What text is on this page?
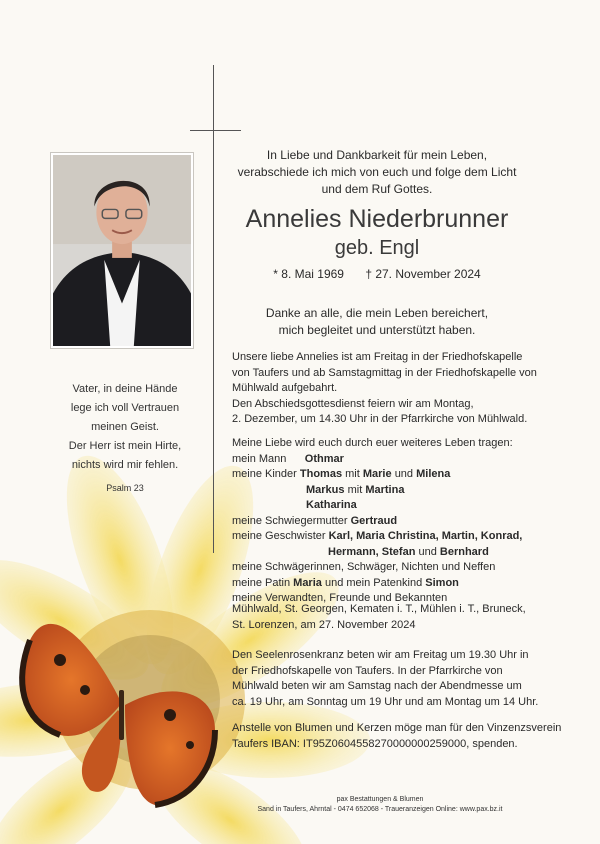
Vater, in deine Hände
lege ich voll Vertrauen
meinen Geist.
Der Herr ist mein Hirte,
nichts wird mir fehlen.
Psalm 23
In Liebe und Dankbarkeit für mein Leben,
verabschiede ich mich von euch und folge dem Licht
und dem Ruf Gottes.
Annelies Niederbrunner
geb. Engl
* 8. Mai 1969 † 27. November 2024
Danke an alle, die mein Leben bereichert,
mich begleitet und unterstützt haben.
Unsere liebe Annelies ist am Freitag in der Friedhofskapelle
von Taufers und ab Samstagmittag in der Friedhofskapelle von
Mühlwald aufgebahrt.
Den Abschiedsgottesdienst feiern wir am Montag,
2. Dezember, um 14.30 Uhr in der Pfarrkirche von Mühlwald.
Meine Liebe wird euch durch euer weiteres Leben tragen:
mein Mann Othmar
meine Kinder Thomas mit Marie und Milena
Markus mit Martina
Katharina
meine Schwiegermutter Gertraud
meine Geschwister Karl, Maria Christina, Martin, Konrad,
Hermann, Stefan und Bernhard
meine Schwägerinnen, Schwäger, Nichten und Neffen
meine Patin Maria und mein Patenkind Simon
meine Verwandten, Freunde und Bekannten
Mühlwald, St. Georgen, Kematen i. T., Mühlen i. T., Bruneck,
St. Lorenzen, am 27. November 2024
Den Seelenrosenkranz beten wir am Freitag um 19.30 Uhr in
der Friedhofskapelle von Taufers. In der Pfarrkirche von
Mühlwald beten wir am Samstag nach der Abendmesse um
ca. 19 Uhr, am Sonntag um 19 Uhr und am Montag um 14 Uhr.
Anstelle von Blumen und Kerzen möge man für den Vinzenzsverein
Taufers IBAN: IT95Z0604558270000000259000, spenden.
pax Bestattungen & Blumen
Sand in Taufers, Ahrntal - 0474 652068 - Traueranzeigen Online: www.pax.bz.it
